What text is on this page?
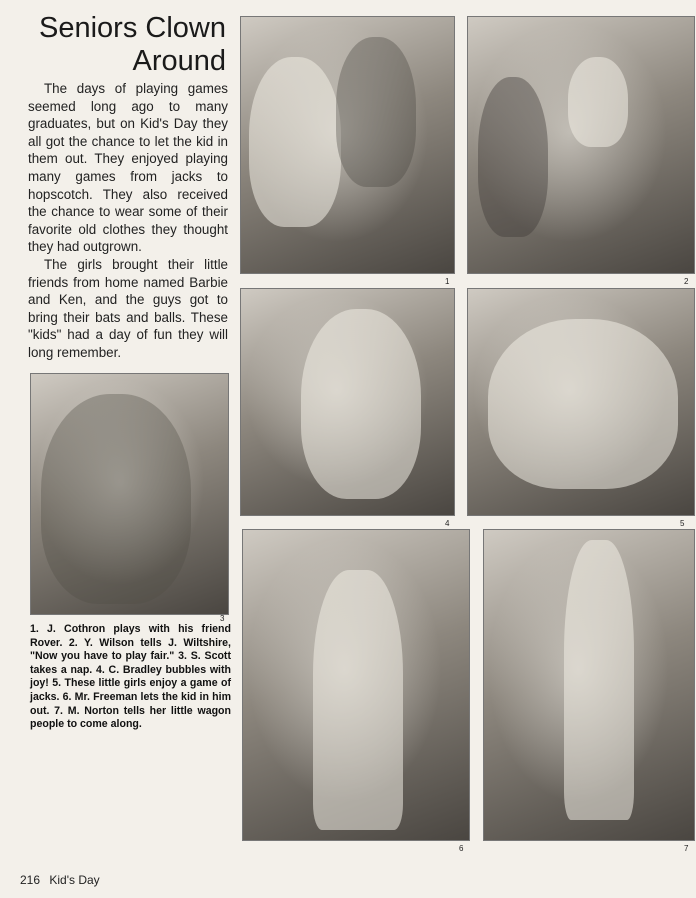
Seniors Clown
Around

The days of playing games seemed long ago to many graduates, but on Kid's Day they all got the chance to let the kid in them out. They enjoyed playing many games from jacks to hopscotch. They also received the chance to wear some of their favorite old clothes they thought they had outgrown.

The girls brought their little friends from home named Barbie and Ken, and the guys got to bring their bats and balls. These "kids" had a day of fun they will long remember.

1	2
3
4	5
6	7
1. J. Cothron plays with his friend Rover. 2. Y. Wilson tells J. Wiltshire, "Now you have to play fair." 3. S. Scott takes a nap. 4. C. Bradley bubbles with joy! 5. These little girls enjoy a game of jacks. 6. Mr. Freeman lets the kid in him out. 7. M. Norton tells her little wagon people to come along.
216 Kid's Day
